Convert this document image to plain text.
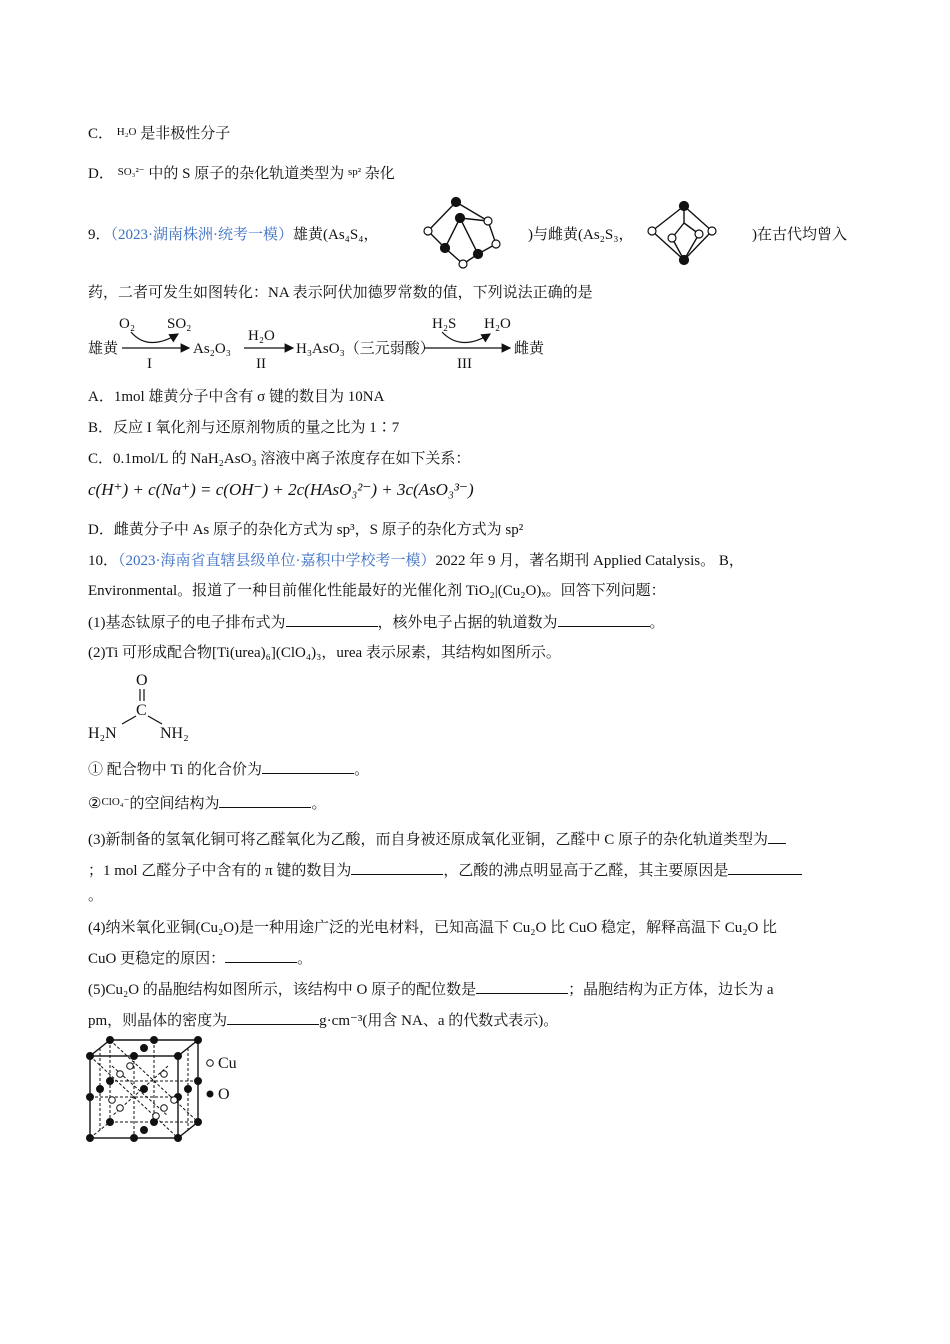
C． $^{H_2O}$ 是非极性分子
D． $^{SO_3^{2-}}$ 中的 S 原子的杂化轨道类型为 $^{sp^2}$ 杂化
9．（2023·湖南株洲·统考一模）雄黄(As₄S₄，	)与雌黄(As₂S₃，	)在古代均曾入
药，二者可发生如图转化：NA 表示阿伏加德罗常数的值，下列说法正确的是
雄黄
O₂ SO₂
I
As₂O₃
H₂O
II
H₃AsO₃（三元弱酸）
H₂S H₂O
III
雌黄
A．1mol 雄黄分子中含有 σ 键的数目为 10NA
B．反应 I 氧化剂与还原剂物质的量之比为 1∶7
C．0.1mol/L 的 NaH₂AsO₃ 溶液中离子浓度存在如下关系：
c(H⁺) + c(Na⁺) = c(OH⁻) + 2c(HAsO₃²⁻) + 3c(AsO₃³⁻)
D．雌黄分子中 As 原子的杂化方式为 sp³，S 原子的杂化方式为 sp²
10．（2023·海南省直辖县级单位·嘉积中学校考一模）2022 年 9 月，著名期刊 Applied Catalysis。 B，
Environmental。报道了一种目前催化性能最好的光催化剂 TiO₂|(Cu₂O)ₓ。回答下列问题：
(1)基态钛原子的电子排布式为	，核外电子占据的轨道数为	。
(2)Ti 可形成配合物[Ti(urea)₆](ClO₄)₃，urea 表示尿素，其结构如图所示。
O
C
H₂N	NH₂
① 配合物中 Ti 的化合价为	。
②$^{ClO_4^-}$的空间结构为	。
(3)新制备的氢氧化铜可将乙醛氧化为乙酸，而自身被还原成氧化亚铜，乙醛中 C 原子的杂化轨道类型为
；1 mol 乙醛分子中含有的 π 键的数目为	，乙酸的沸点明显高于乙醛，其主要原因是
。
(4)纳米氧化亚铜(Cu₂O)是一种用途广泛的光电材料，已知高温下 Cu₂O 比 CuO 稳定，解释高温下 Cu₂O 比
CuO 更稳定的原因：	。
(5)Cu₂O 的晶胞结构如图所示，该结构中 O 原子的配位数是	；晶胞结构为正方体，边长为 a
pm，则晶体的密度为	g·cm⁻³(用含 NA、a 的代数式表示)。
Cu
O
